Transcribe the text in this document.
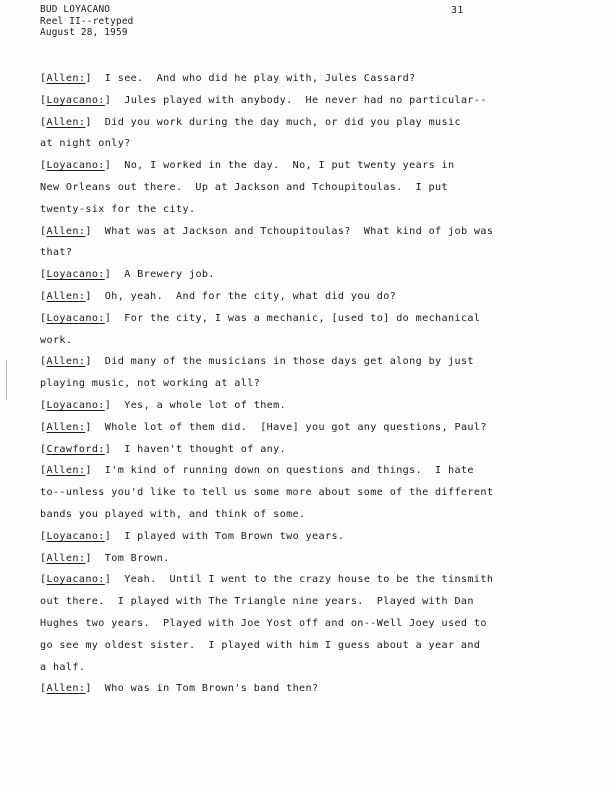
BUD LOYACANO
Reel II--retyped
August 28, 1959
31
[Allen:]  I see.  And who did he play with, Jules Cassard?
[Loyacano:]  Jules played with anybody.  He never had no particular--
[Allen:]  Did you work during the day much, or did you play music
at night only?
[Loyacano:]  No, I worked in the day.  No, I put twenty years in
New Orleans out there.  Up at Jackson and Tchoupitoulas.  I put
twenty-six for the city.
[Allen:]  What was at Jackson and Tchoupitoulas?  What kind of job was
that?
[Loyacano:]  A Brewery job.
[Allen:]  Oh, yeah.  And for the city, what did you do?
[Loyacano:]  For the city, I was a mechanic, [used to] do mechanical
work.
[Allen:]  Did many of the musicians in those days get along by just
playing music, not working at all?
[Loyacano:]  Yes, a whole lot of them.
[Allen:]  Whole lot of them did.  [Have] you got any questions, Paul?
[Crawford:]  I haven't thought of any.
[Allen:]  I'm kind of running down on questions and things.  I hate
to--unless you'd like to tell us some more about some of the different
bands you played with, and think of some.
[Loyacano:]  I played with Tom Brown two years.
[Allen:]  Tom Brown.
[Loyacano:]  Yeah.  Until I went to the crazy house to be the tinsmith
out there.  I played with The Triangle nine years.  Played with Dan
Hughes two years.  Played with Joe Yost off and on--Well Joey used to
go see my oldest sister.  I played with him I guess about a year and
a half.
[Allen:]  Who was in Tom Brown's band then?
